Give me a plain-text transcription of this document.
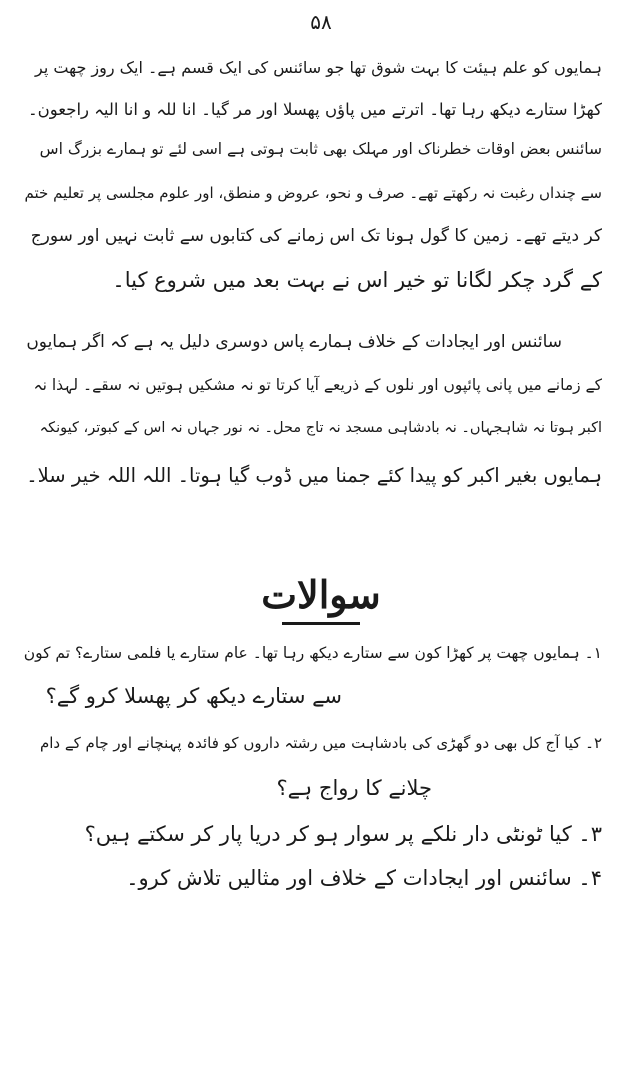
۵۸
ہمایوں کو علم ہیئت کا بہت شوق تھا جو سائنس کی ایک قسم ہے۔ ایک روز چھت پر
کھڑا ستارے دیکھ رہا تھا۔ اترتے میں پاؤں پھسلا اور مر گیا۔ انا للہ و انا الیہ راجعون۔
سائنس بعض اوقات خطرناک اور مہلک بھی ثابت ہوتی ہے اسی لئے تو ہمارے بزرگ اس
سے چنداں رغبت نہ رکھتے تھے۔ صرف و نحو، عروض و منطق، اور علوم مجلسی پر تعلیم ختم
کر دیتے تھے۔ زمین کا گول ہونا تک اس زمانے کی کتابوں سے ثابت نہیں اور سورج
کے گرد چکر لگانا تو خیر اس نے بہت بعد میں شروع کیا۔
سائنس اور ایجادات کے خلاف ہمارے پاس دوسری دلیل یہ ہے کہ اگر ہمایوں
کے زمانے میں پانی پائپوں اور نلوں کے ذریعے آیا کرتا تو نہ مشکیں ہوتیں نہ سقے۔ لہذا نہ
اکبر ہوتا نہ شاہجہاں۔ نہ بادشاہی مسجد نہ تاج محل۔ نہ نور جہاں نہ اس کے کبوتر، کیونکہ
ہمایوں بغیر اکبر کو پیدا کئے جمنا میں ڈوب گیا ہوتا۔ اللہ اللہ خیر سلا۔
سوالات
۱۔ ہمایوں چھت پر کھڑا کون سے ستارے دیکھ رہا تھا۔ عام ستارے یا فلمی ستارے؟ تم کون
سے ستارے دیکھ کر پھسلا کرو گے؟
۲۔ کیا آج کل بھی دو گھڑی کی بادشاہت میں رشتہ داروں کو فائدہ پہنچانے اور چام کے دام
چلانے کا رواج ہے؟
۳۔ کیا ٹونٹی دار نلکے پر سوار ہو کر دریا پار کر سکتے ہیں؟
۴۔ سائنس اور ایجادات کے خلاف اور مثالیں تلاش کرو۔
